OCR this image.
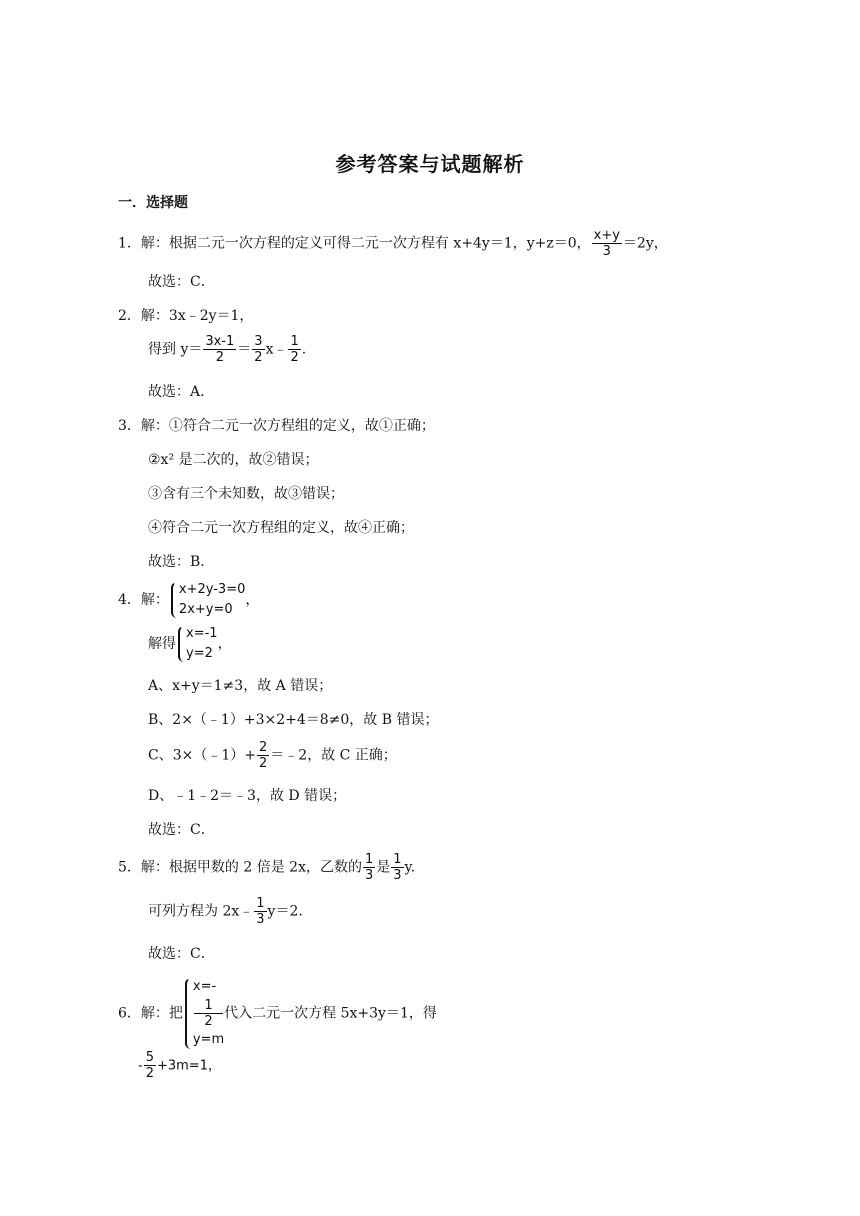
参考答案与试题解析
一．选择题
1．解：根据二元一次方程的定义可得二元一次方程有 x+4y＝1，y+z＝0， $\frac{x+y}{3} =2y$，
故选：C．
2．解：3x﹣2y＝1，
得到 $y= \frac{3x-1}{2} = \frac{3}{2}$ x﹣ $\frac{1}{2}$ .
故选：A．
3．解：①符合二元一次方程组的定义，故①正确；
②x² 是二次的，故②错误；
③含有三个未知数，故③错误；
④符合二元一次方程组的定义，故④正确；
故选：B．
4．解：
x+2y-3=0
2x+y=0
，
解得
x=-1
y=2
，
A、x+y＝1≠3，故 A 错误；
B、2×（﹣1）+3×2+4＝8≠0，故 B 错误；
C、3×（﹣1）+ $\frac{2}{2}$ ＝﹣2，故 C 正确；
D、﹣1﹣2＝﹣3，故 D 错误；
故选：C．
5．解：根据甲数的 2 倍是 2x，乙数的 $\frac{1}{3}$ 是 $\frac{1}{3} y$.
可列方程为 2x﹣ $\frac{1}{3} y=2$.
故选：C．
6．解：把
x=-
1
2
y=m
代入二元一次方程 5x+3y＝1，得
- $\frac{5}{2} +3m=1$，
